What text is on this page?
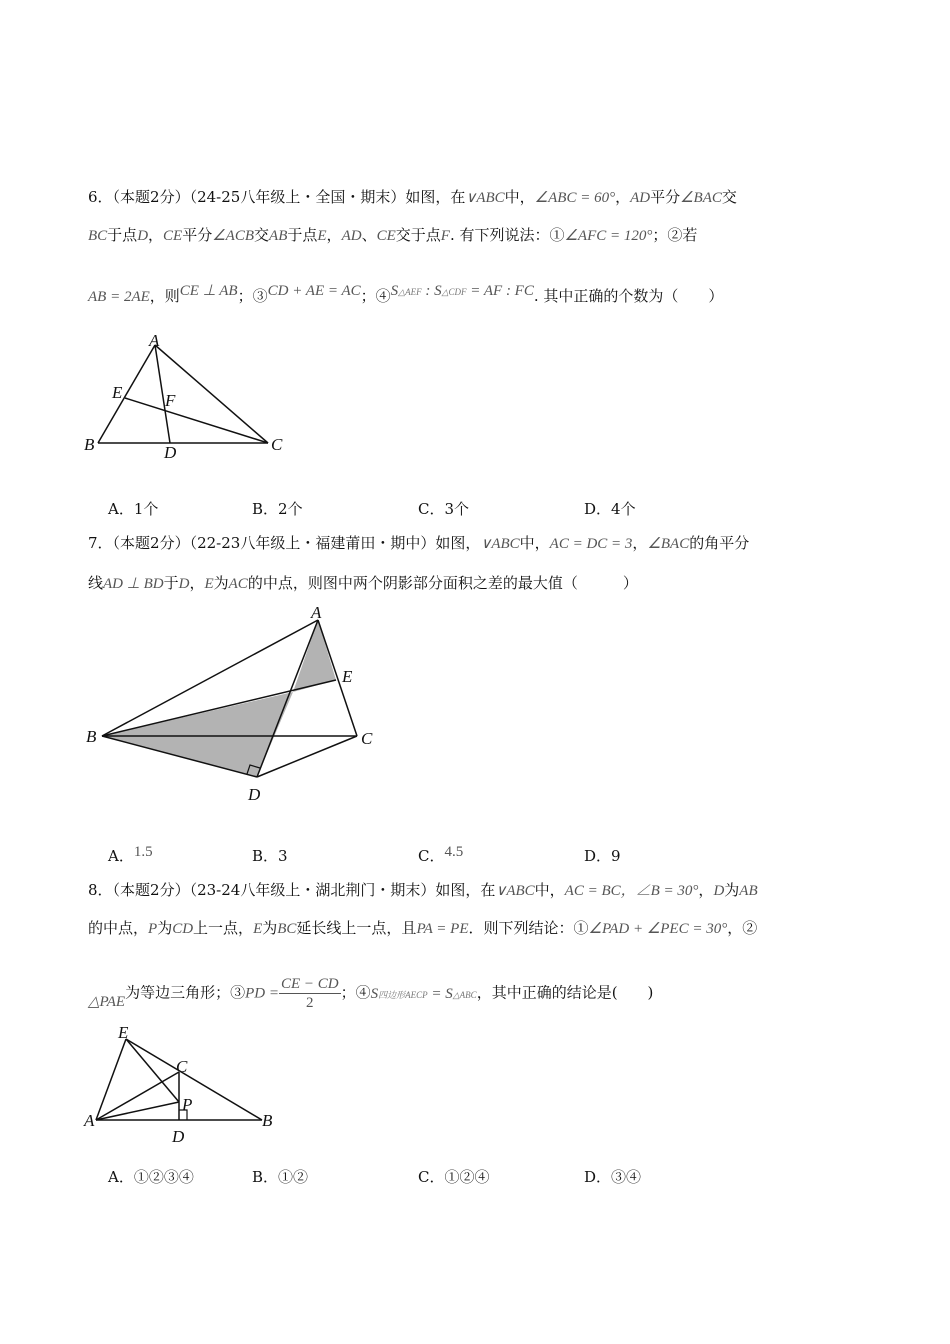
6．（本题2分）（24-25八年级上・全国・期末）如图，在∨ABC中，∠ABC = 60°，AD平分∠BAC交
BC于点D，CE平分∠ACB交AB于点E，AD、CE交于点F. 有下列说法：①∠AFC = 120°；②若
AB = 2AE，则CE ⊥ AB；③CD + AE = AC；④S△AEF : S△CDF = AF : FC. 其中正确的个数为（　　）
A
E	F
B	D	C
A．1个	B．2个	C．3个	D．4个
7．（本题2分）（22-23八年级上・福建莆田・期中）如图，∨ABC中，AC = DC = 3，∠BAC的角平分
线AD ⊥ BD于D，E为AC的中点，则图中两个阴影部分面积之差的最大值（　　　）
A
E
B	C
D
A．1.5	B．3	C．4.5	D．9
8．（本题2分）（23-24八年级上・湖北荆门・期末）如图，在∨ABC中，AC = BC，∠B = 30°，D为AB
的中点，P为CD上一点，E为BC延长线上一点，且PA = PE．则下列结论：①∠PAD + ∠PEC = 30°，②
△PAE为等边三角形；③PD = $\frac{CE - CD}{2}$ ；④S四边形AECP = S△ABC，其中正确的结论是(　　)
E
C
P
A
D
B
A．①②③④	B．①②	C．①②④	D．③④
